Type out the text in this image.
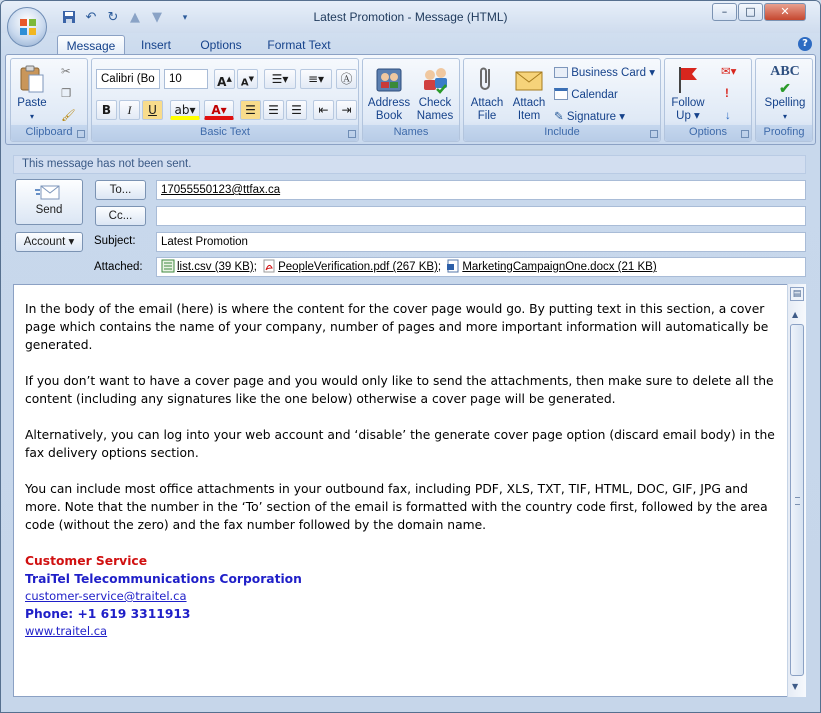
↶ ↻ ▲ ▼	▾	Latest Promotion - Message (HTML)	–	□	✕
Message	Insert	Options	Format Text	?
Paste
▾
✂
❐
🖌
Clipboard
Calibri (Bo	10	A▲ A▼	☰▾	≡▾	Ⓐ
B	I	U	ab▾	A▾	☰	☰	☰	⇤	⇥
Basic Text
Address
Book
Check
Names
Names
Attach
File
Attach
Item
Business Card ▾
Calendar
✎ Signature ▾
Include
Follow
Up ▾
✉▾
!
↓
Options
ABC
✔
Spelling
▾
Proofing
This message has not been sent.
Send
Account ▾
To...
Cc...
Subject:
Attached:
17055550123@ttfax.ca
Latest Promotion
list.csv (39 KB); PeopleVerification.pdf (267 KB); MarketingCampaignOne.docx (21 KB)

In the body of the email (here) is where the content for the cover page would go. By putting text in this section, a cover page which contains the name of your company, number of pages and more important information will automatically be generated.

If you don’t want to have a cover page and you would only like to send the attachments, then make sure to delete all the content (including any signatures like the one below) otherwise a cover page will be generated.

Alternatively, you can log into your web account and ‘disable’ the generate cover page option (discard email body) in the fax delivery options section.

You can include most office attachments in your outbound fax, including PDF, XLS, TXT, TIF, HTML, DOC, GIF, JPG and more. Note that the number in the ‘To’ section of the email is formatted with the country code first, followed by the area code (without the zero) and the fax number followed by the domain name.

Customer Service
TraiTel Telecommunications Corporation
customer-service@traitel.ca
Phone: +1 619 3311913
www.traitel.ca
▤
▲
▼
